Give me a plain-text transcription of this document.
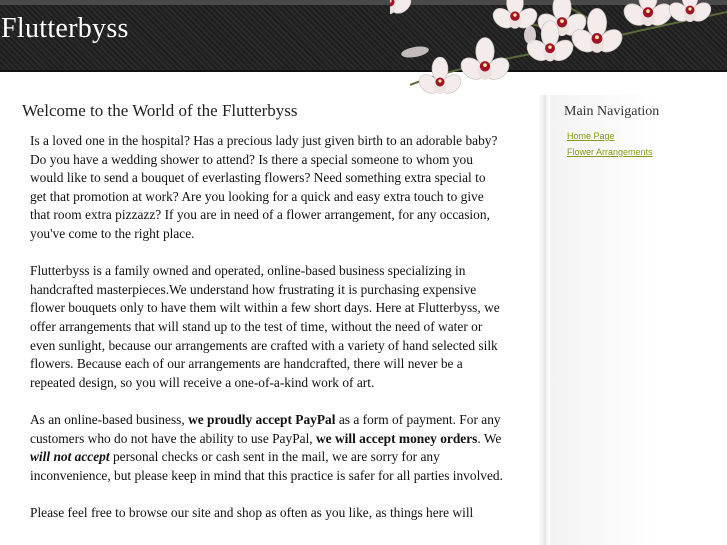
Flutterbyss
Welcome to the World of the Flutterbyss

Is a loved one in the hospital? Has a precious lady just given birth to an adorable baby? Do you have a wedding shower to attend? Is there a special someone to whom you would like to send a bouquet of everlasting flowers? Need something extra special to get that promotion at work? Are you looking for a quick and easy extra touch to give that room extra pizzazz? If you are in need of a flower arrangement, for any occasion, you've come to the right place.

Flutterbyss is a family owned and operated, online-based business specializing in handcrafted masterpieces.We understand how frustrating it is purchasing expensive flower bouquets only to have them wilt within a few short days. Here at Flutterbyss, we offer arrangements that will stand up to the test of time, without the need of water or even sunlight, because our arrangements are crafted with a variety of hand selected silk flowers. Because each of our arrangements are handcrafted, there will never be a repeated design, so you will receive a one-of-a-kind work of art.

As an online-based business, we proudly accept PayPal as a form of payment. For any customers who do not have the ability to use PayPal, we will accept money orders. We will not accept personal checks or cash sent in the mail, we are sorry for any inconvenience, but please keep in mind that this practice is safer for all parties involved.

Please feel free to browse our site and shop as often as you like, as things here will

Main Navigation
Home Page
Flower Arrangements
